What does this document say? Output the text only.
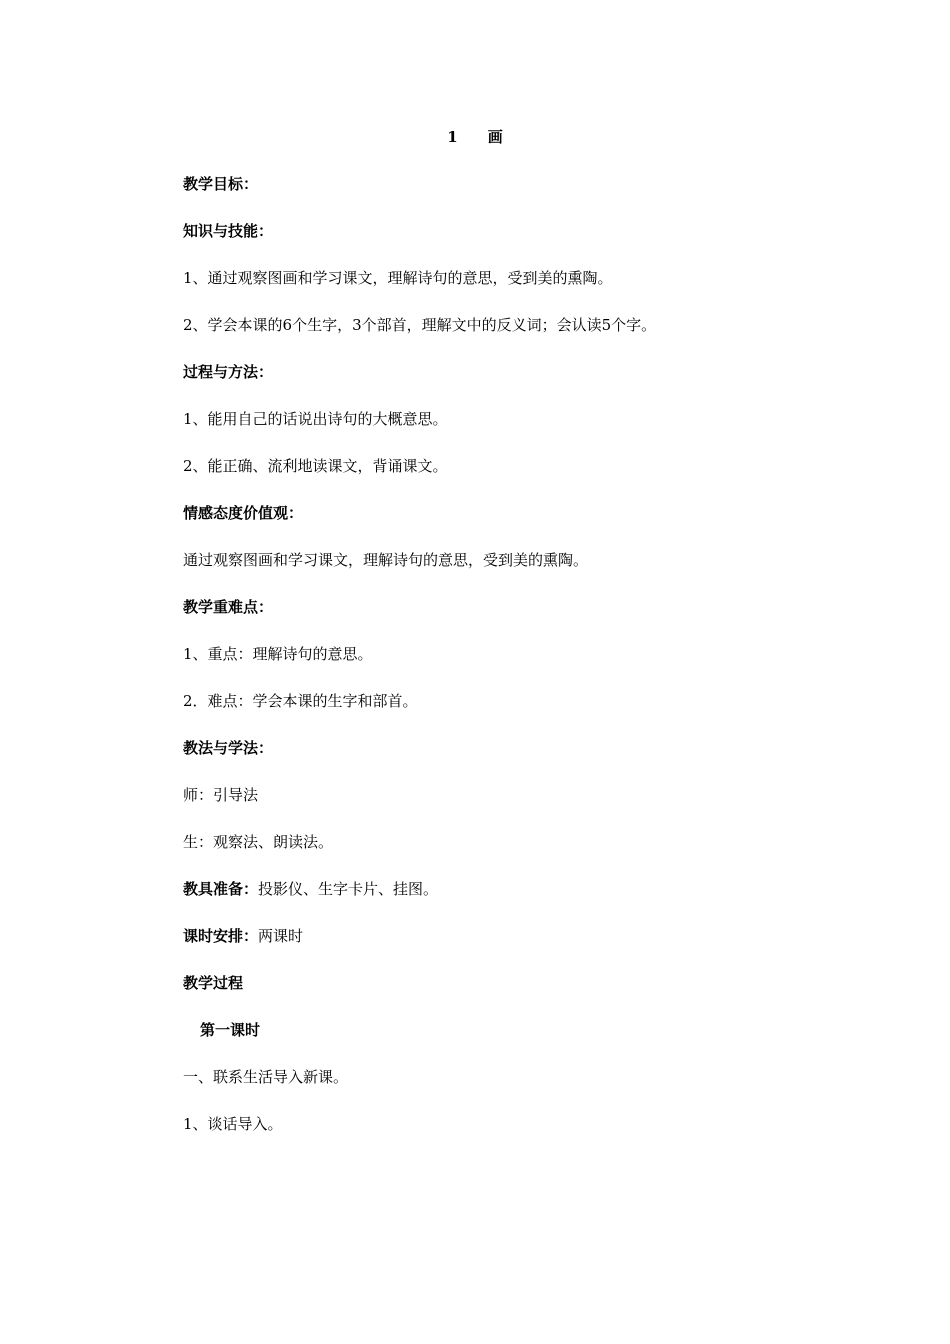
1 画
教学目标：
知识与技能：
1、通过观察图画和学习课文，理解诗句的意思，受到美的熏陶。
2、学会本课的6个生字，3个部首，理解文中的反义词；会认读5个字。
过程与方法：
1、能用自己的话说出诗句的大概意思。
2、能正确、流利地读课文，背诵课文。
情感态度价值观：
通过观察图画和学习课文，理解诗句的意思，受到美的熏陶。
教学重难点：
1、重点：理解诗句的意思。
2．难点：学会本课的生字和部首。
教法与学法：
师：引导法
生：观察法、朗读法。
教具准备：投影仪、生字卡片、挂图。
课时安排：两课时
教学过程
第一课时
一、联系生活导入新课。
1、谈话导入。
